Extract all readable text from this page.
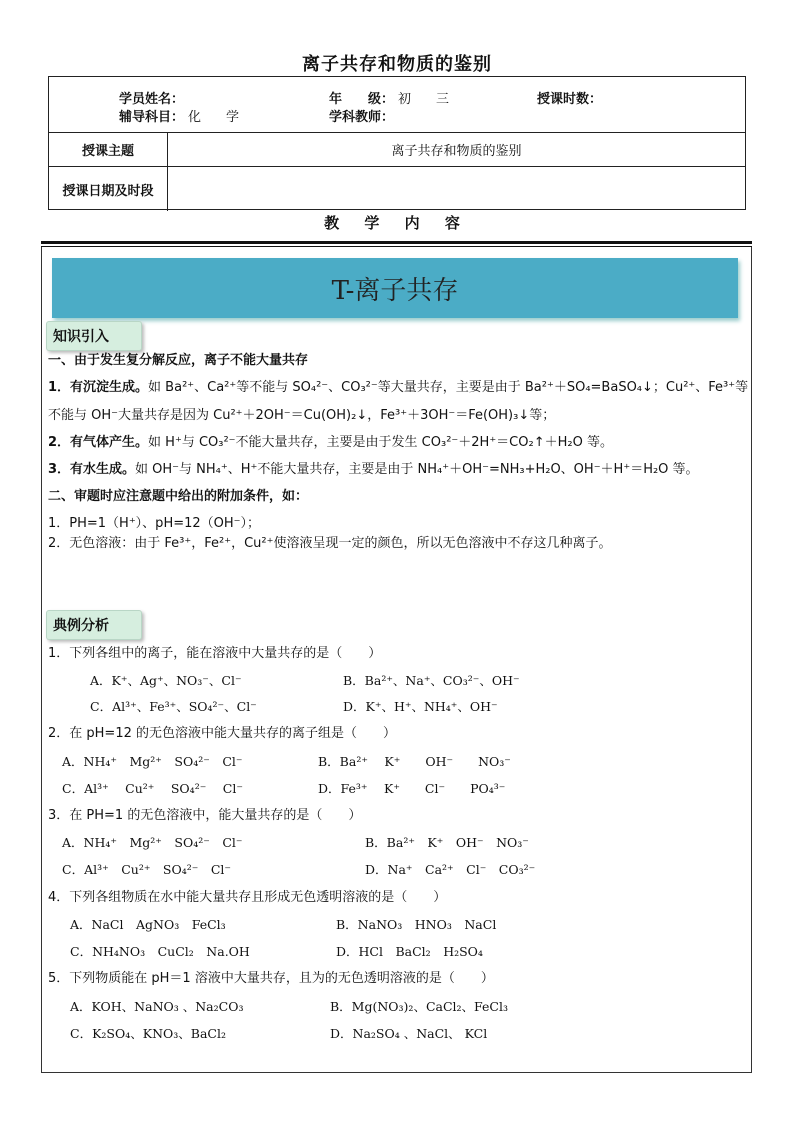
离子共存和物质的鉴别
学员姓名：	年　　级： 初　三	授课时数：
辅导科目： 化　学	学科教师：
授课主题	离子共存和物质的鉴别
授课日期及时段
教 学 内 容
T-离子共存
知识引入
一、由于发生复分解反应，离子不能大量共存
1．有沉淀生成。如 Ba²⁺、Ca²⁺等不能与 SO₄²⁻、CO₃²⁻等大量共存，主要是由于 Ba²⁺＋SO₄=BaSO₄↓；Cu²⁺、Fe³⁺等
不能与 OH⁻大量共存是因为 Cu²⁺＋2OH⁻＝Cu(OH)₂↓，Fe³⁺＋3OH⁻＝Fe(OH)₃↓等；
2．有气体产生。如 H⁺与 CO₃²⁻不能大量共存，主要是由于发生 CO₃²⁻＋2H⁺＝CO₂↑＋H₂O 等。
3．有水生成。如 OH⁻与 NH₄⁺、H⁺不能大量共存，主要是由于 NH₄⁺＋OH⁻=NH₃+H₂O、OH⁻＋H⁺＝H₂O 等。
二、审题时应注意题中给出的附加条件，如：
1．PH=1（H⁺）、pH=12（OH⁻）；
2．无色溶液：由于 Fe³⁺，Fe²⁺，Cu²⁺使溶液呈现一定的颜色，所以无色溶液中不存这几种离子。
典例分析
1．下列各组中的离子，能在溶液中大量共存的是（　　）
A．K⁺、Ag⁺、NO₃⁻、Cl⁻	B．Ba²⁺、Na⁺、CO₃²⁻、OH⁻
C．Al³⁺、Fe³⁺、SO₄²⁻、Cl⁻	D．K⁺、H⁺、NH₄⁺、OH⁻
2．在 pH=12 的无色溶液中能大量共存的离子组是（　　）
A．NH₄⁺　Mg²⁺　SO₄²⁻　Cl⁻	B．Ba²⁺　 K⁺　　OH⁻　　NO₃⁻
C．Al³⁺　 Cu²⁺　 SO₄²⁻　 Cl⁻	D．Fe³⁺　 K⁺　　Cl⁻　　PO₄³⁻
3．在 PH=1 的无色溶液中，能大量共存的是（　　）
A．NH₄⁺　Mg²⁺　SO₄²⁻　Cl⁻	B．Ba²⁺　K⁺　OH⁻　NO₃⁻
C．Al³⁺　Cu²⁺　SO₄²⁻　Cl⁻	D．Na⁺　Ca²⁺　Cl⁻　CO₃²⁻
4．下列各组物质在水中能大量共存且形成无色透明溶液的是（　　）
A．NaCl　AgNO₃　FeCl₃	B．NaNO₃　HNO₃　NaCl
C．NH₄NO₃　CuCl₂　Na.OH	D．HCl　BaCl₂　H₂SO₄
5．下列物质能在 pH＝1 溶液中大量共存，且为的无色透明溶液的是（　　）
A．KOH、NaNO₃ 、Na₂CO₃	B．Mg(NO₃)₂、CaCl₂、FeCl₃
C．K₂SO₄、KNO₃、BaCl₂	D．Na₂SO₄ 、NaCl、 KCl
